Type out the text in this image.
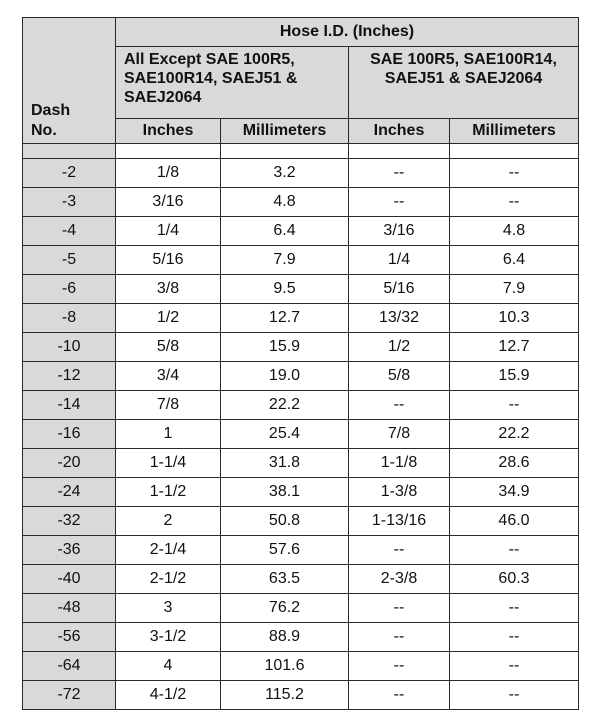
Dash No.	Hose I.D. (Inches)			
	All Except SAE 100R5, SAE100R14, SAEJ51 & SAEJ2064		SAE 100R5, SAE100R14, SAEJ51 & SAEJ2064	
	Inches	Millimeters	Inches	Millimeters

-2	1/8	3.2	--	--
-3	3/16	4.8	--	--
-4	1/4	6.4	3/16	4.8
-5	5/16	7.9	1/4	6.4
-6	3/8	9.5	5/16	7.9
-8	1/2	12.7	13/32	10.3
-10	5/8	15.9	1/2	12.7
-12	3/4	19.0	5/8	15.9
-14	7/8	22.2	--	--
-16	1	25.4	7/8	22.2
-20	1-1/4	31.8	1-1/8	28.6
-24	1-1/2	38.1	1-3/8	34.9
-32	2	50.8	1-13/16	46.0
-36	2-1/4	57.6	--	--
-40	2-1/2	63.5	2-3/8	60.3
-48	3	76.2	--	--
-56	3-1/2	88.9	--	--
-64	4	101.6	--	--
-72	4-1/2	115.2	--	--
